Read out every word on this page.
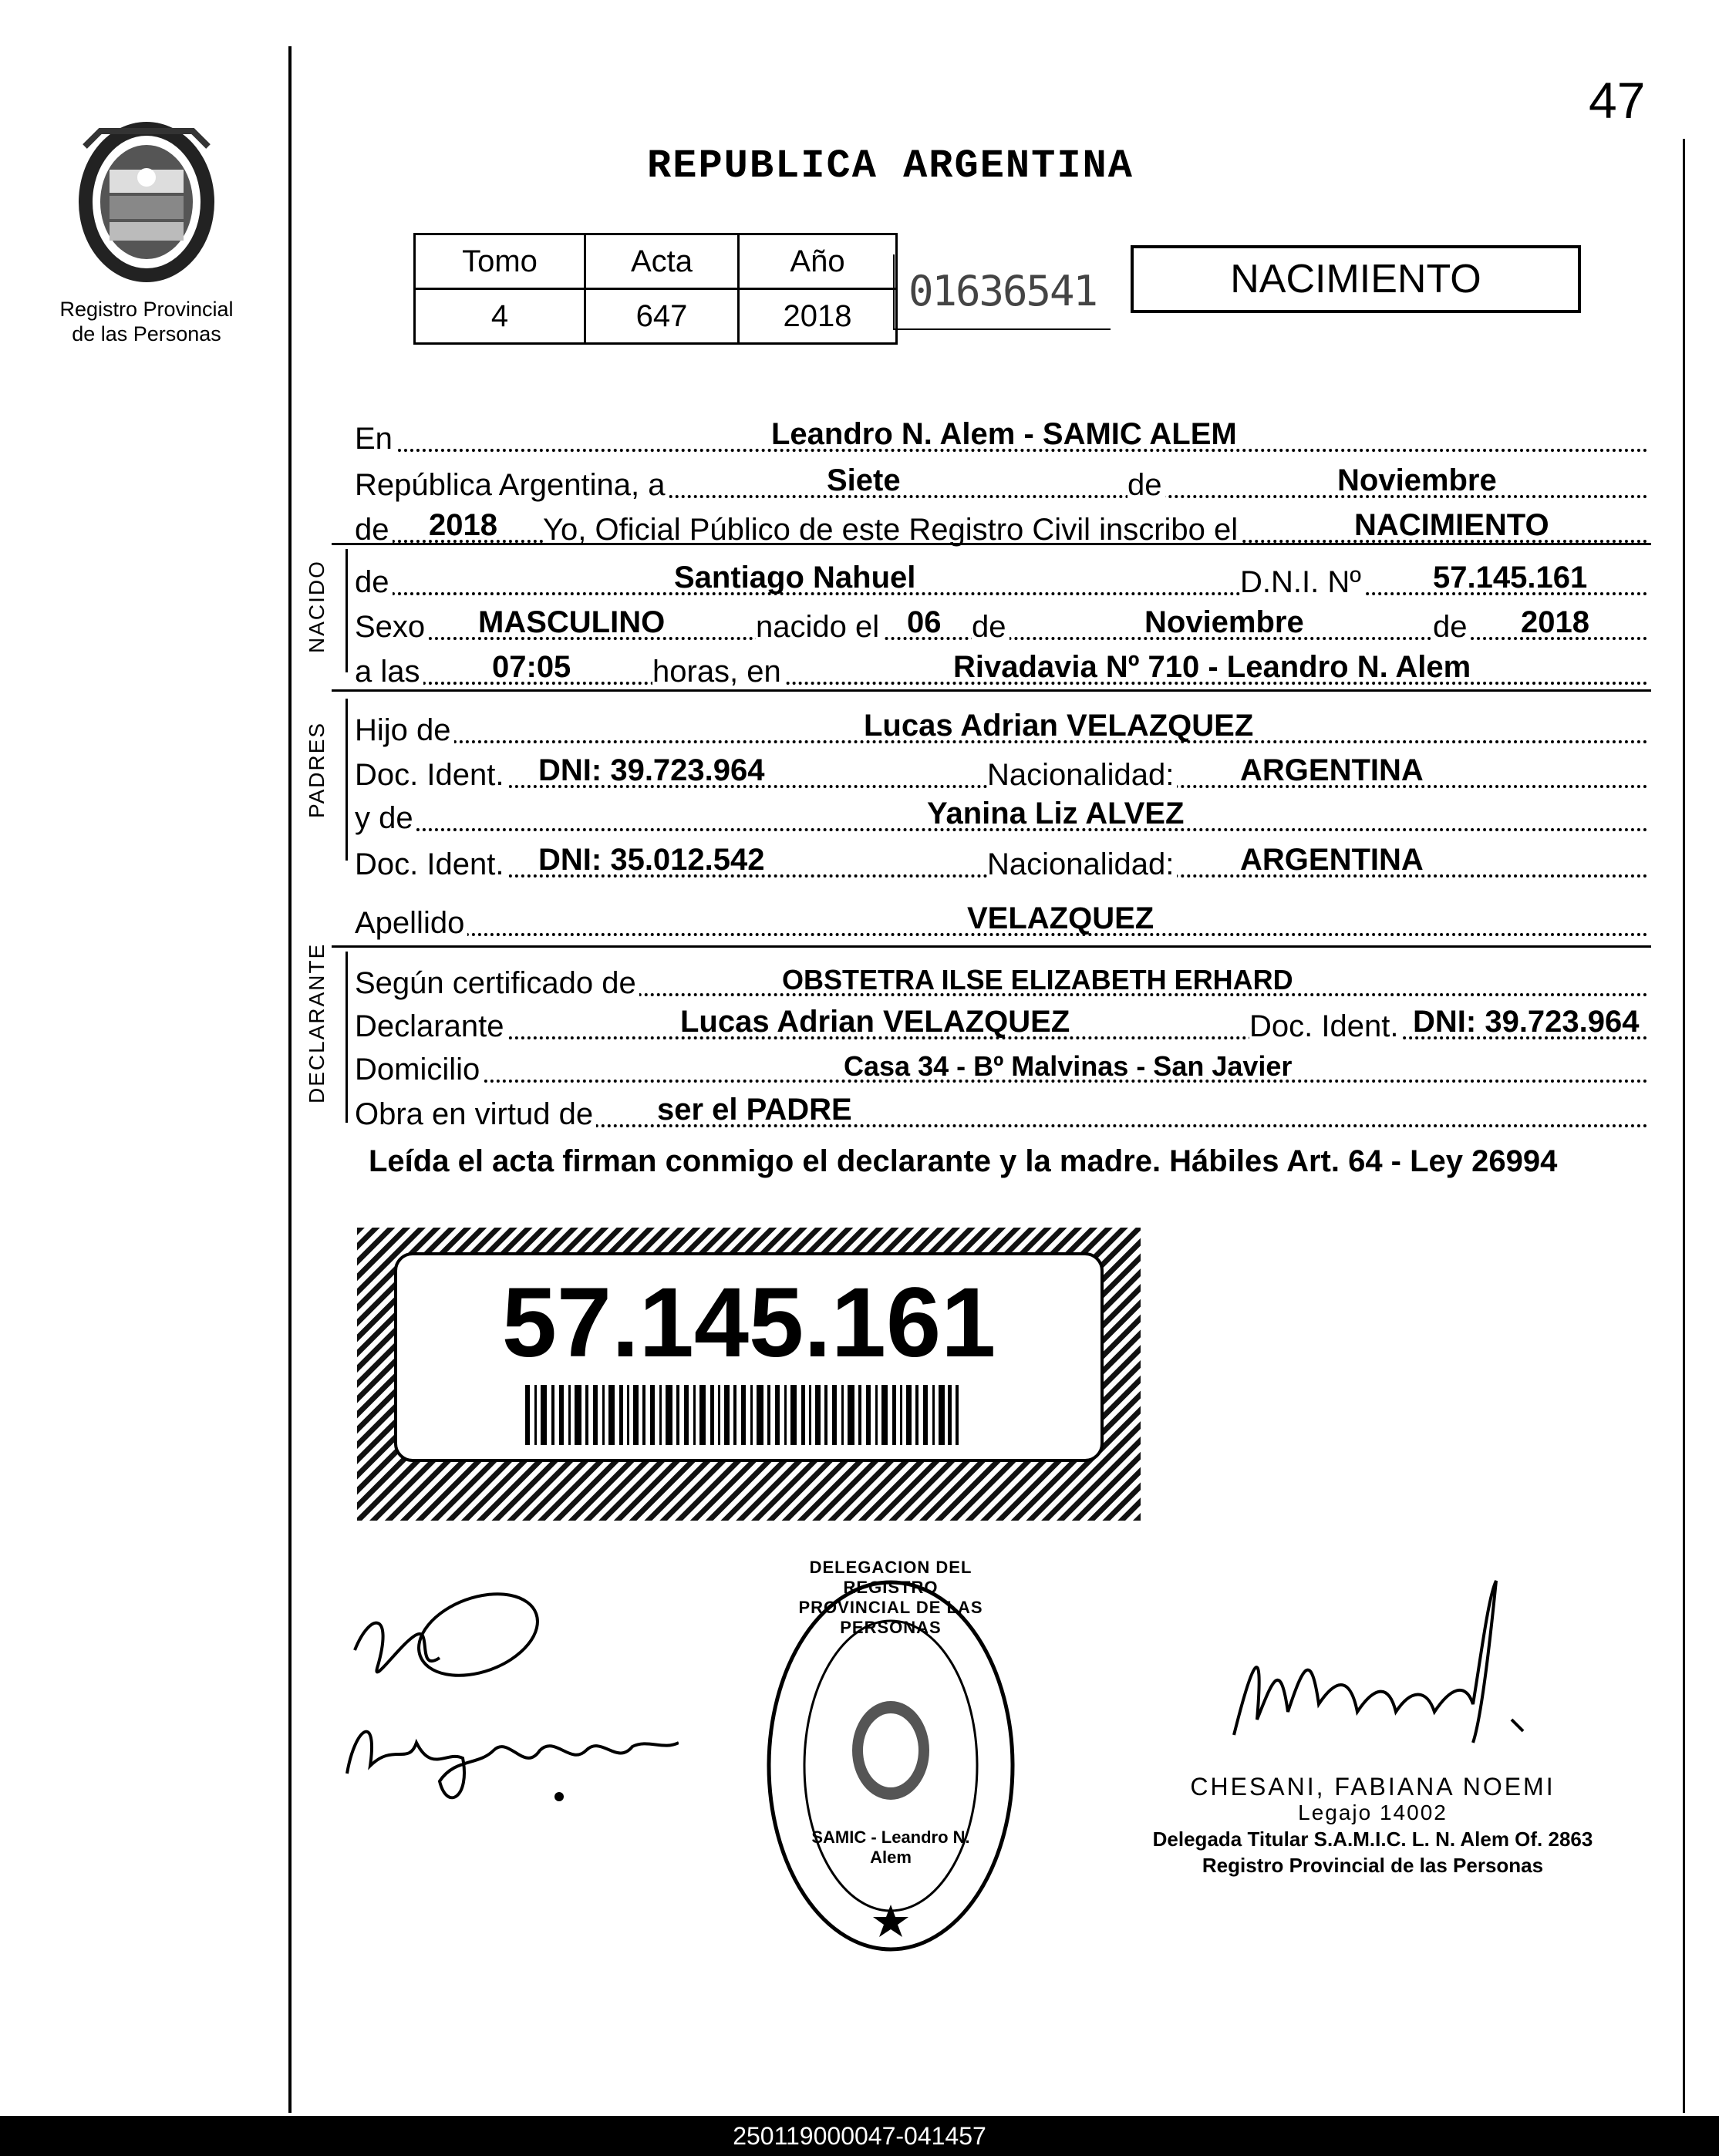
47
Registro Provincial
de las Personas
REPUBLICA ARGENTINA
Tomo	Acta	Año
4	647	2018
01636541	NACIMIENTO
En	Leandro N. Alem - SAMIC ALEM
República Argentina, a	Siete	de	Noviembre
de 2018 Yo, Oficial Público de este Registro Civil inscribo el	NACIMIENTO
NACIDO de	Santiago Nahuel	D.N.I. Nº 57.145.161
Sexo MASCULINO	nacido el 06 de	Noviembre	de 2018
a las 07:05	horas, en	Rivadavia Nº 710 - Leandro N. Alem
PADRES Hijo de	Lucas Adrian VELAZQUEZ
Doc. Ident. DNI: 39.723.964	Nacionalidad: ARGENTINA
y de	Yanina Liz ALVEZ
Doc. Ident. DNI: 35.012.542	Nacionalidad: ARGENTINA
Apellido	VELAZQUEZ
DECLARANTE Según certificado de	OBSTETRA ILSE ELIZABETH ERHARD
Declarante	Lucas Adrian VELAZQUEZ	Doc. Ident. DNI: 39.723.964
Domicilio	Casa 34 - Bº Malvinas - San Javier
Obra en virtud de ser el PADRE
Leída el acta firman conmigo el declarante y la madre. Hábiles Art. 64 - Ley 26994
57.145.161
DELEGACION DEL REGISTRO PROVINCIAL DE LAS PERSONAS
SAMIC - Leandro N. Alem
CHESANI, FABIANA NOEMI
Legajo 14002
Delegada Titular S.A.M.I.C. L. N. Alem Of. 2863
Registro Provincial de las Personas
250119000047-041457
